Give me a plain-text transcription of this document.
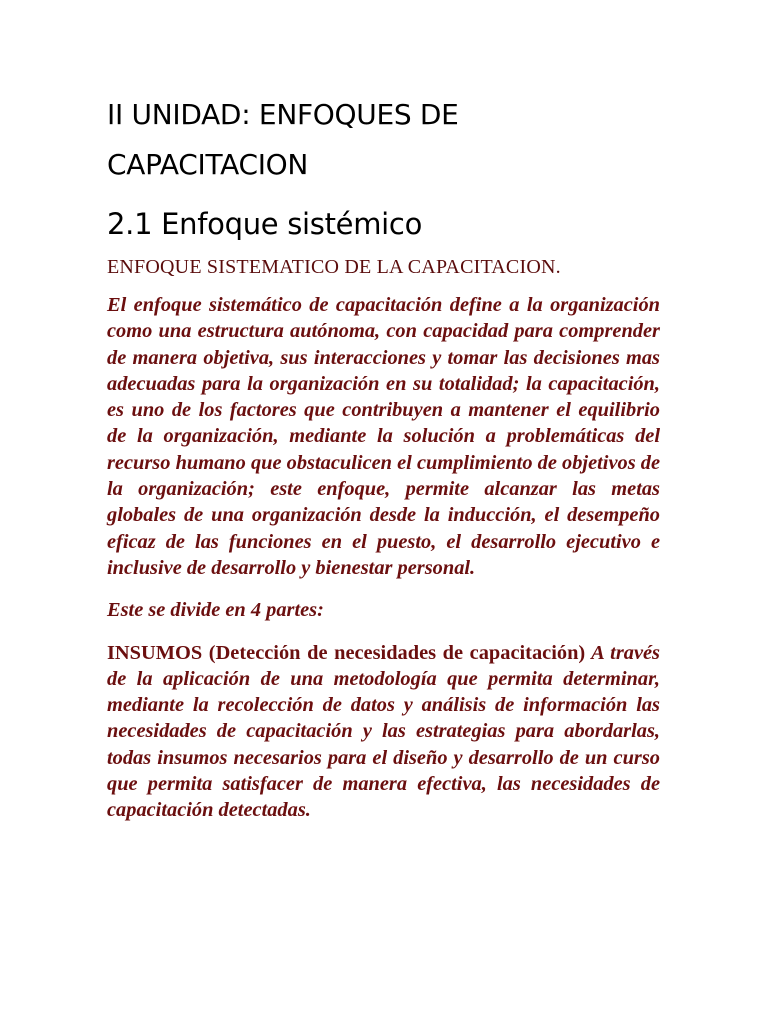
II UNIDAD: ENFOQUES DE
CAPACITACION
2.1 Enfoque sistémico

ENFOQUE SISTEMATICO DE LA CAPACITACION.

El enfoque sistemático de capacitación define a la organización como una estructura autónoma, con capacidad para comprender de manera objetiva, sus interacciones y tomar las decisiones mas adecuadas para la organización en su totalidad; la capacitación, es uno de los factores que contribuyen a mantener el equilibrio de la organización, mediante la solución a problemáticas del recurso humano que obstaculicen el cumplimiento de objetivos de la organización; este enfoque, permite alcanzar las metas globales de una organización desde la inducción, el desempeño eficaz de las funciones en el puesto, el desarrollo ejecutivo e inclusive de desarrollo y bienestar personal.

Este se divide en 4 partes:

INSUMOS (Detección de necesidades de capacitación) A través de la aplicación de una metodología que permita determinar, mediante la recolección de datos y análisis de información las necesidades de capacitación y las estrategias para abordarlas, todas insumos necesarios para el diseño y desarrollo de un curso que permita satisfacer de manera efectiva, las necesidades de capacitación detectadas.
